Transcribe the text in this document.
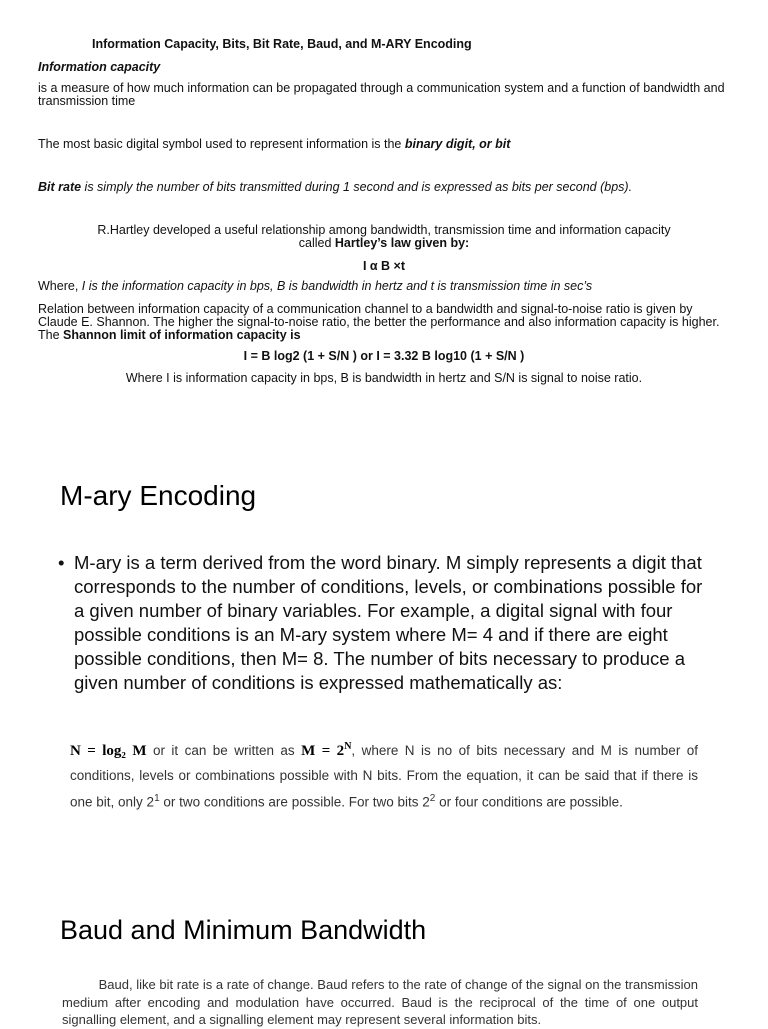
Information Capacity, Bits, Bit Rate, Baud, and M-ARY Encoding

Information capacity

is a measure of how much information can be propagated through a communication system and a function of bandwidth and transmission time

The most basic digital symbol used to represent information is the binary digit, or bit

Bit rate is simply the number of bits transmitted during 1 second and is expressed as bits per second (bps).

R.Hartley developed a useful relationship among bandwidth, transmission time and information capacity

called Hartley’s law given by:

I α B ×t

Where, I is the information capacity in bps, B is bandwidth in hertz and t is transmission time in sec’s

Relation between information capacity of a communication channel to a bandwidth and signal-to-noise ratio is given by Claude E. Shannon. The higher the signal-to-noise ratio, the better the performance and also information capacity is higher. The Shannon limit of information capacity is

I = B log2 (1 + S/N ) or I = 3.32 B log10 (1 + S/N )

Where I is information capacity in bps, B is bandwidth in hertz and S/N is signal to noise ratio.

M-ary Encoding

• M-ary is a term derived from the word binary. M simply represents a digit that corresponds to the number of conditions, levels, or combinations possible for a given number of binary variables. For example, a digital signal with four possible conditions is an M-ary system where M= 4 and if there are eight possible conditions, then M= 8. The number of bits necessary to produce a given number of conditions is expressed mathematically as:

N = log₂ M or it can be written as $M = 2^N$, where N is no of bits necessary and M is number of conditions, levels or combinations possible with N bits. From the equation, it can be said that if there is one bit, only $2^1$ or two conditions are possible. For two bits $2^2$ or four conditions are possible.

Baud and Minimum Bandwidth

Baud, like bit rate is a rate of change. Baud refers to the rate of change of the signal on the transmission medium after encoding and modulation have occurred. Baud is the reciprocal of the time of one output signalling element, and a signalling element may represent several information bits.
